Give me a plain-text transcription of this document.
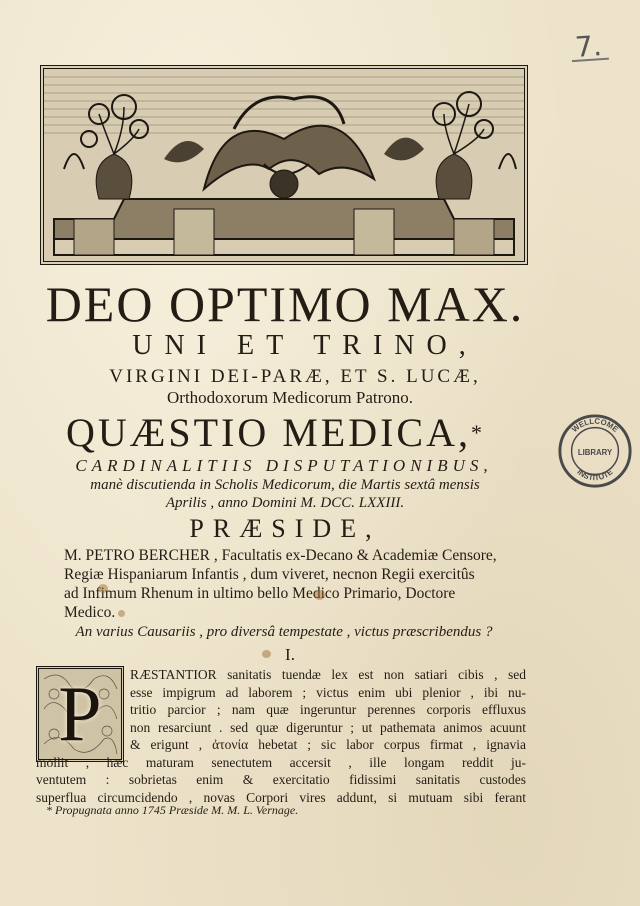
7.
DEO OPTIMO MAX.
UNI ET TRINO,
VIRGINI DEI-PARÆ, ET S. LUCÆ,
Orthodoxorum Medicorum Patrono.
QUÆSTIO MEDICA,*
CARDINALITIIS DISPUTATIONIBUS,
manè discutienda in Scholis Medicorum, die Martis sextâ mensis
Aprilis , anno Domini M. DCC. LXXIII.
PRÆSIDE,
M. PETRO BERCHER , Facultatis ex-Decano & Academiæ Censore,
Regiæ Hispaniarum Infantis , dum viveret, necnon Regii exercitûs
ad Infimum Rhenum in ultimo bello Medico Primario, Doctore
Medico.
An varius Causariis , pro diversâ tempestate , victus præscribendus ?
I.
P	RÆSTANTIOR sanitatis tuendæ lex est non satiari cibis , sed
esse impigrum ad laborem ; victus enim ubi plenior , ibi nu-
tritio parcior ; nam quæ ingeruntur perennes corporis effluxus
non resarciunt . sed quæ digeruntur ; ut pathemata animos acuunt
& erigunt , ἀτονία hebetat ; sic labor corpus firmat , ignavia
mollit , hæc maturam senectutem accersit , ille longam reddit ju-
ventutem : sobrietas enim & exercitatio fidissimi sanitatis custodes
superflua circumcidendo , novas Corpori vires addunt, si mutuam sibi ferant
* Propugnata anno 1745 Præside M. M. L. Vernage.
WELLCOME
INSTITUTE
LIBRARY
